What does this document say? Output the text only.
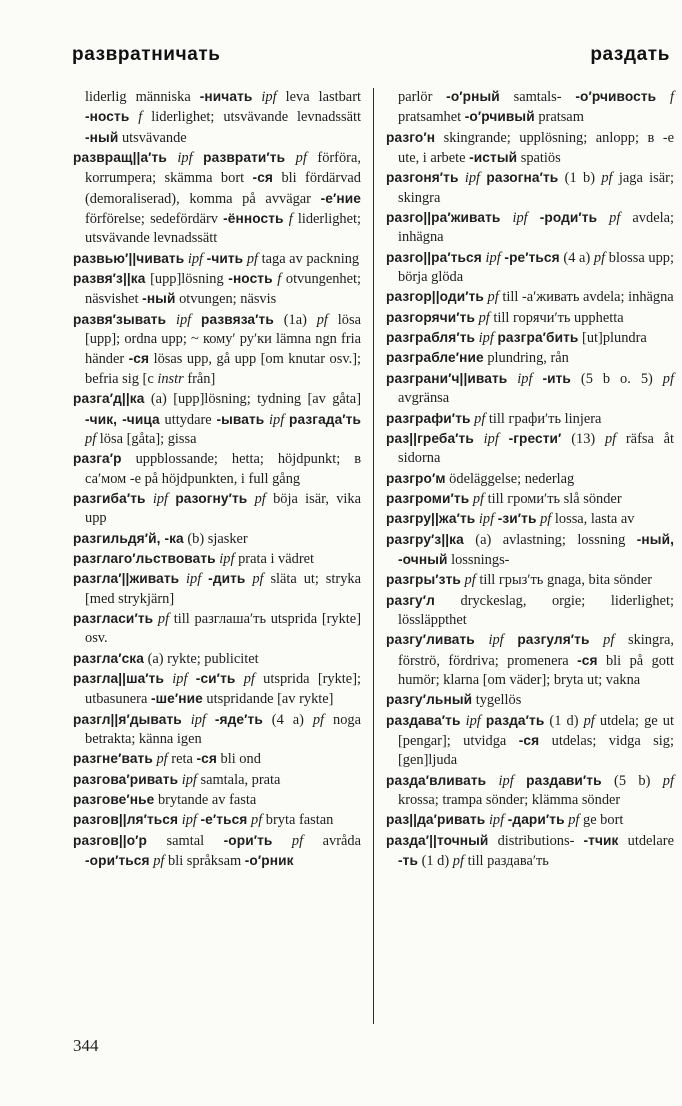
развратничать	раздать

liderlig människa -ничать ipf leva lastbart -ность f liderlighet; utsvävande levnadssätt -ный utsvävande

развращ||а′ть ipf разврати′ть pf förföra, korrumpera; skämma bort -ся bli fördärvad (demoraliserad), komma på avvägar -е′ние förförelse; sedefördärv -ённость f liderlighet; utsvävande levnadssätt

развью′||чивать ipf -чить pf taga av packning

развя′з||ка [upp]lösning -ность f otvungenhet; näsvishet -ный otvungen; näsvis

развя′зывать ipf развяза′ть (1a) pf lösa [upp]; ordna upp; ~ кому′ ру′ки lämna ngn fria händer -ся lösas upp, gå upp [om knutar osv.]; befria sig [с instr från]

разга′д||ка (a) [upp]lösning; tydning [av gåta] -чик, -чица uttydare -ывать ipf разгада′ть pf lösa [gåta]; gissa

разга′р uppblossande; hetta; höjdpunkt; в са′мом -е på höjdpunkten, i full gång

разгиба′ть ipf разогну′ть pf böja isär, vika upp

разгильдя′й, -ка (b) sjasker

разглаго′льствовать ipf prata i vädret

разгла′||живать ipf -дить pf släta ut; stryka [med strykjärn]

разглаcи′ть pf till разглаша′ть utsprida [rykte] osv.

разгла′ска (a) rykte; publicitet

разгла||ша′ть ipf -си′ть pf utsprida [rykte]; utbasunera -ше′ние utspridande [av rykte]

разгл||я′дывать ipf -яде′ть (4 a) pf noga betrakta; känna igen

разгне′вать pf reta -ся bli ond

разгова′ривать ipf samtala, prata

разгове′нье brytande av fasta

разгов||ля′ться ipf -е′ться pf bryta fastan

разгов||о′р samtal -ори′ть pf avråda -ори′ться pf bli språksam -о′рник

parlör -о′рный samtals- -о′рчивость f pratsamhet -о′рчивый pratsam

разго′н skingrande; upplösning; anlopp; в -е ute, i arbete -истый spatiös

разгоня′ть ipf разогна′ть (1 b) pf jaga isär; skingra

разго||ра′живать ipf -роди′ть pf avdela; inhägna

разго||ра′ться ipf -ре′ться (4 a) pf blossa upp; börja glöda

разгор||оди′ть pf till -а′живать avdela; inhägna

разгорячи′ть pf till горячи′ть upphetta

разграбля′ть ipf разгра′бить [ut]plundra

разграбле′ние plundring, rån

разграни′ч||ивать ipf -ить (5 b o. 5) pf avgränsa

разграфи′ть pf till графи′ть linjera

раз||греба′ть ipf -грести′ (13) pf räfsa åt sidorna

разгро′м ödeläggelse; nederlag

разгроми′ть pf till громи′ть slå sönder

разгру||жа′ть ipf -зи′ть pf lossa, lasta av

разгру′з||ка (a) avlastning; lossning -ный, -очный lossnings-

разгры′зть pf till грыз′ть gnaga, bita sönder

разгу′л dryckeslag, orgie; liderlighet; lössläppthet

разгу′ливать ipf разгуля′ть pf skingra, förströ, fördriva; promenera -ся bli på gott humör; klarna [om väder]; bryta ut; vakna

разгу′льный tygellös

раздава′ть ipf разда′ть (1 d) pf utdela; ge ut [pengar]; utvidga -ся utdelas; vidga sig; [gen]ljuda

разда′вливать ipf раздави′ть (5 b) pf krossa; trampa sönder; klämma sönder

раз||да′ривать ipf -дари′ть pf ge bort

разда′||точный distributions- -тчик utdelare -ть (1 d) pf till раздава′ть

344
